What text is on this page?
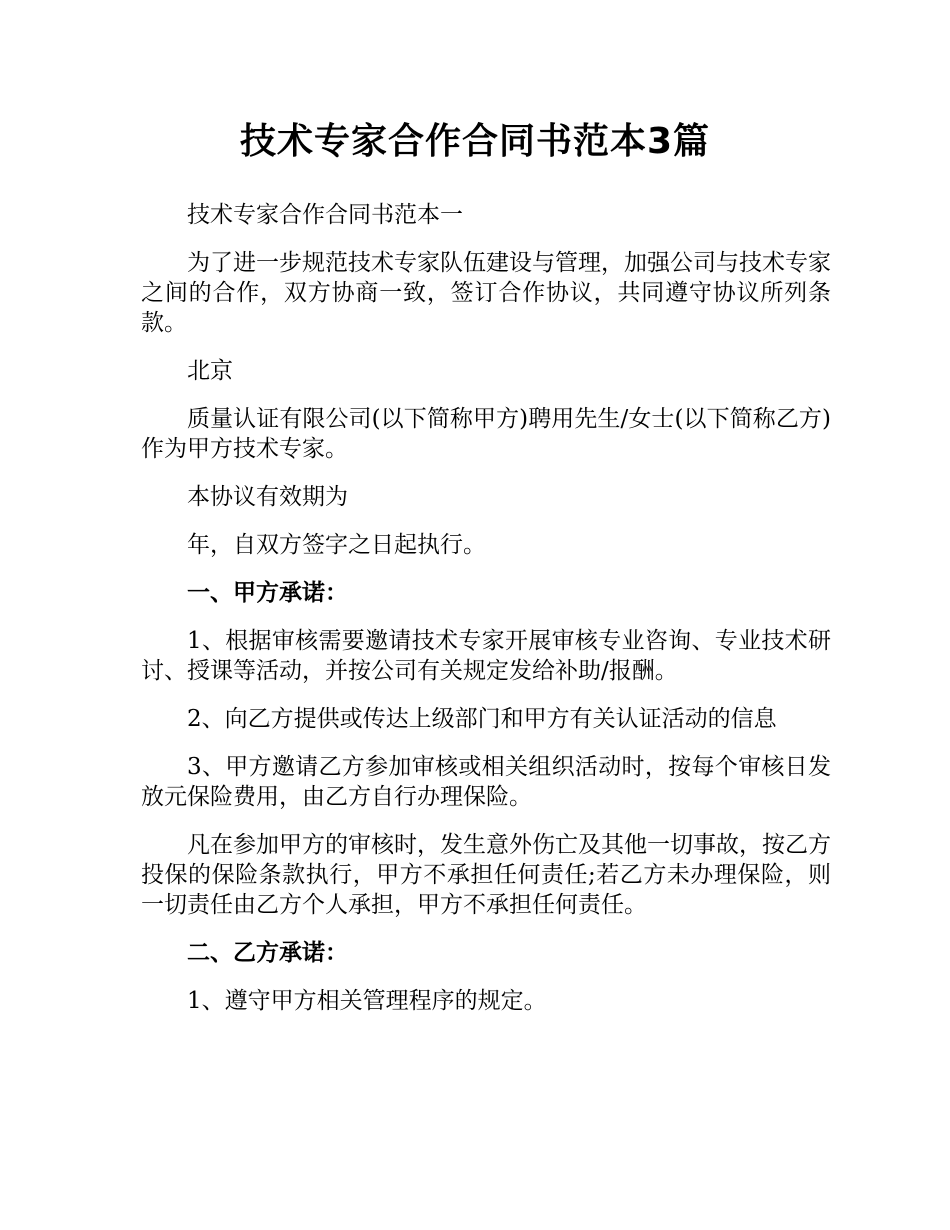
技术专家合作合同书范本3篇

技术专家合作合同书范本一

为了进一步规范技术专家队伍建设与管理，加强公司与技术专家之间的合作，双方协商一致，签订合作协议，共同遵守协议所列条款。

北京

质量认证有限公司(以下简称甲方)聘用先生/女士(以下简称乙方)作为甲方技术专家。

本协议有效期为

年，自双方签字之日起执行。

一、甲方承诺：

1、根据审核需要邀请技术专家开展审核专业咨询、专业技术研讨、授课等活动，并按公司有关规定发给补助/报酬。

2、向乙方提供或传达上级部门和甲方有关认证活动的信息

3、甲方邀请乙方参加审核或相关组织活动时，按每个审核日发放元保险费用，由乙方自行办理保险。

凡在参加甲方的审核时，发生意外伤亡及其他一切事故，按乙方投保的保险条款执行，甲方不承担任何责任;若乙方未办理保险，则一切责任由乙方个人承担，甲方不承担任何责任。

二、乙方承诺：

1、遵守甲方相关管理程序的规定。
